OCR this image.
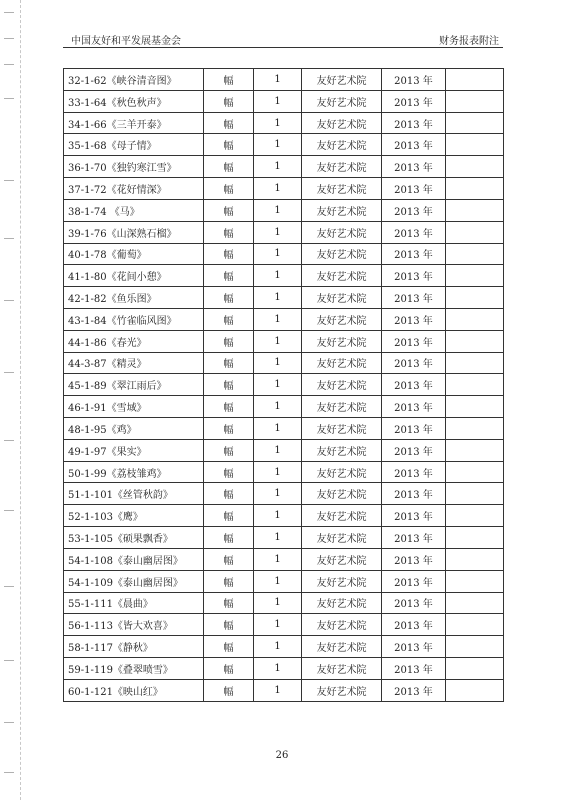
中国友好和平发展基金会	财务报表附注
32-1-62《峡谷清音图》	幅	1	友好艺术院	2013 年	
33-1-64《秋色秋声》	幅	1	友好艺术院	2013 年	
34-1-66《三羊开泰》	幅	1	友好艺术院	2013 年	
35-1-68《母子情》	幅	1	友好艺术院	2013 年	
36-1-70《独钓寒江雪》	幅	1	友好艺术院	2013 年	
37-1-72《花好情深》	幅	1	友好艺术院	2013 年	
38-1-74 《马》	幅	1	友好艺术院	2013 年	
39-1-76《山深熟石榴》	幅	1	友好艺术院	2013 年	
40-1-78《葡萄》	幅	1	友好艺术院	2013 年	
41-1-80《花间小憩》	幅	1	友好艺术院	2013 年	
42-1-82《鱼乐图》	幅	1	友好艺术院	2013 年	
43-1-84《竹雀临风图》	幅	1	友好艺术院	2013 年	
44-1-86《春光》	幅	1	友好艺术院	2013 年	
44-3-87《精灵》	幅	1	友好艺术院	2013 年	
45-1-89《翠江雨后》	幅	1	友好艺术院	2013 年	
46-1-91《雪域》	幅	1	友好艺术院	2013 年	
48-1-95《鸡》	幅	1	友好艺术院	2013 年	
49-1-97《果实》	幅	1	友好艺术院	2013 年	
50-1-99《荔枝雏鸡》	幅	1	友好艺术院	2013 年	
51-1-101《丝管秋韵》	幅	1	友好艺术院	2013 年	
52-1-103《鹰》	幅	1	友好艺术院	2013 年	
53-1-105《硕果飘香》	幅	1	友好艺术院	2013 年	
54-1-108《泰山幽居图》	幅	1	友好艺术院	2013 年	
54-1-109《泰山幽居图》	幅	1	友好艺术院	2013 年	
55-1-111《晨曲》	幅	1	友好艺术院	2013 年	
56-1-113《皆大欢喜》	幅	1	友好艺术院	2013 年	
58-1-117《静秋》	幅	1	友好艺术院	2013 年	
59-1-119《叠翠喷雪》	幅	1	友好艺术院	2013 年	
60-1-121《映山红》	幅	1	友好艺术院	2013 年	
26
